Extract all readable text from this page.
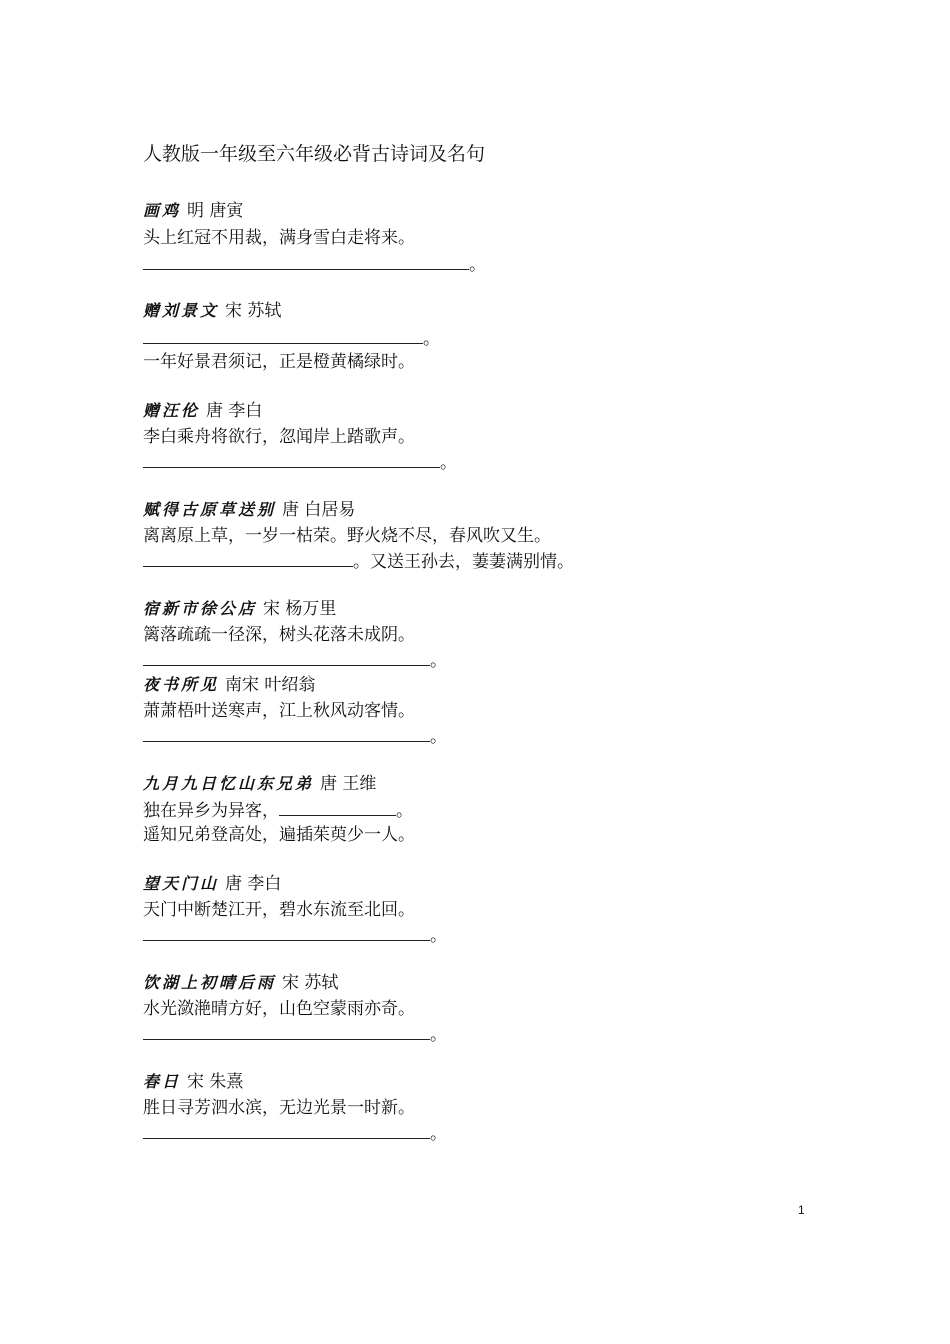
人教版一年级至六年级必背古诗词及名句
画鸡 明 唐寅
头上红冠不用裁，满身雪白走将来。
。
赠刘景文 宋 苏轼
。
一年好景君须记，正是橙黄橘绿时。
赠汪伦 唐 李白
李白乘舟将欲行，忽闻岸上踏歌声。
。
赋得古原草送别 唐 白居易
离离原上草，一岁一枯荣。野火烧不尽，春风吹又生。
。又送王孙去，萋萋满别情。
宿新市徐公店 宋 杨万里
篱落疏疏一径深，树头花落未成阴。
。
夜书所见 南宋 叶绍翁
萧萧梧叶送寒声，江上秋风动客情。
。
九月九日忆山东兄弟 唐 王维
独在异乡为异客，	。
遥知兄弟登高处，遍插茱萸少一人。
望天门山 唐 李白
天门中断楚江开，碧水东流至北回。
。
饮湖上初晴后雨 宋 苏轼
水光潋滟晴方好，山色空蒙雨亦奇。
。
春日 宋 朱熹
胜日寻芳泗水滨，无边光景一时新。
。
1
